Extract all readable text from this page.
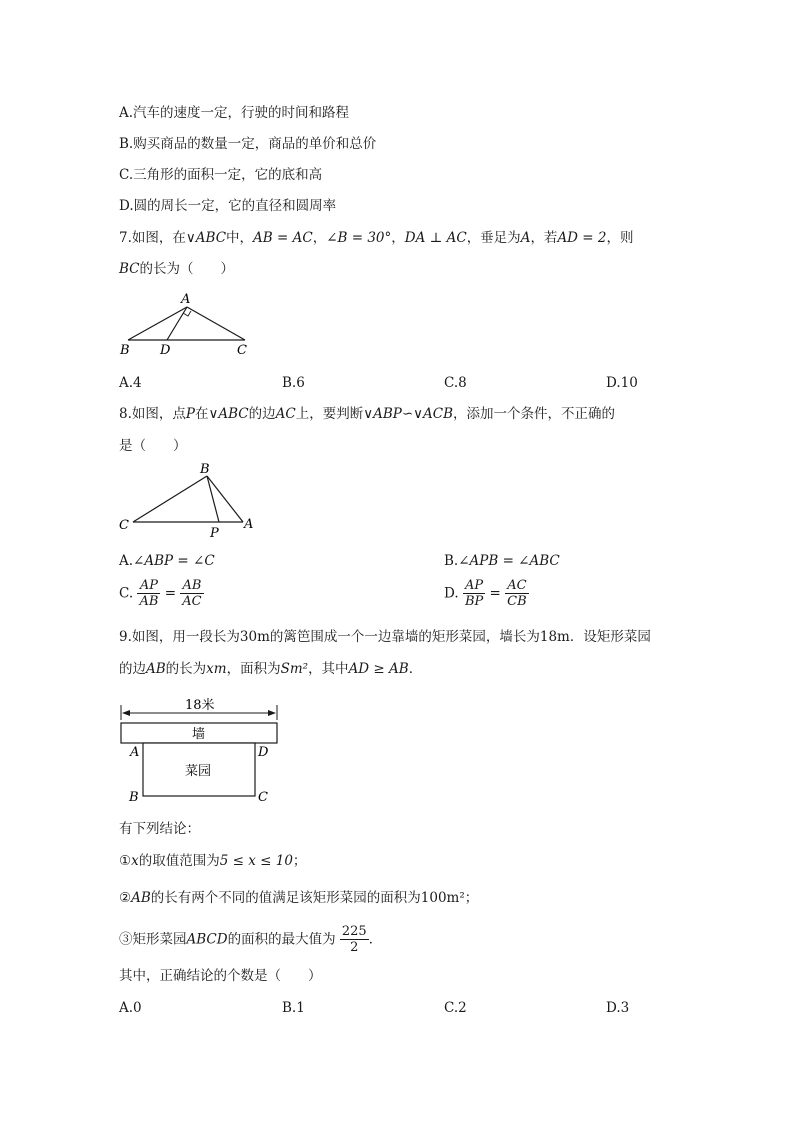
A.汽车的速度一定，行驶的时间和路程
B.购买商品的数量一定，商品的单价和总价
C.三角形的面积一定，它的底和高
D.圆的周长一定，它的直径和圆周率
7.如图，在∨ABC中，AB = AC，∠B = 30°，DA ⊥ AC，垂足为A，若AD = 2，则
BC的长为（　　）
A
B D	C
A.4	B.6	C.8	D.10
8.如图，点P在∨ABC的边AC上，要判断∨ABP∽∨ACB，添加一个条件，不正确的
是（　　）
B
C
P
A
A.∠ABP = ∠C	B.∠APB = ∠ABC
C. $\frac{AP}{AB} = \frac{AB}{AC}$	D. $\frac{AP}{BP} = \frac{AC}{CB}$
9.如图，用一段长为30m的篱笆围成一个一边靠墙的矩形菜园，墙长为18m．设矩形菜园
的边AB的长为xm，面积为Sm²，其中AD ≥ AB．
18米
墙
菜园
A	D
B	C
有下列结论：
①x的取值范围为5 ≤ x ≤ 10；
②AB的长有两个不同的值满足该矩形菜园的面积为100m²；
③矩形菜园ABCD的面积的最大值为 $\frac{225}{2}$ ．
其中，正确结论的个数是（　　）
A.0	B.1	C.2	D.3
